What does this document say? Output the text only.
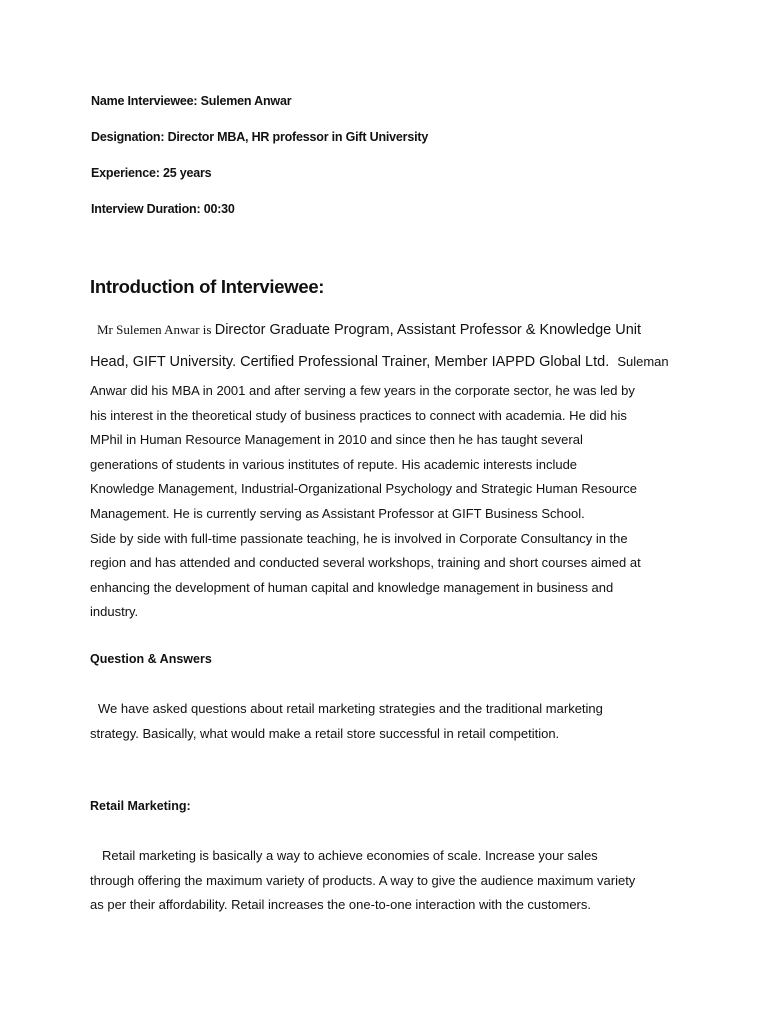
Name Interviewee: Sulemen Anwar
Designation: Director MBA, HR professor in Gift University
Experience: 25 years
Interview Duration: 00:30
Introduction of Interviewee:
Mr Sulemen Anwar is Director Graduate Program, Assistant Professor & Knowledge Unit
Head, GIFT University. Certified Professional Trainer, Member IAPPD Global Ltd. Suleman
Anwar did his MBA in 2001 and after serving a few years in the corporate sector, he was led by
his interest in the theoretical study of business practices to connect with academia. He did his
MPhil in Human Resource Management in 2010 and since then he has taught several
generations of students in various institutes of repute. His academic interests include
Knowledge Management, Industrial-Organizational Psychology and Strategic Human Resource
Management. He is currently serving as Assistant Professor at GIFT Business School.
Side by side with full-time passionate teaching, he is involved in Corporate Consultancy in the
region and has attended and conducted several workshops, training and short courses aimed at
enhancing the development of human capital and knowledge management in business and
industry.
Question & Answers
We have asked questions about retail marketing strategies and the traditional marketing
strategy. Basically, what would make a retail store successful in retail competition.
Retail Marketing:
Retail marketing is basically a way to achieve economies of scale. Increase your sales
through offering the maximum variety of products. A way to give the audience maximum variety
as per their affordability. Retail increases the one-to-one interaction with the customers.
